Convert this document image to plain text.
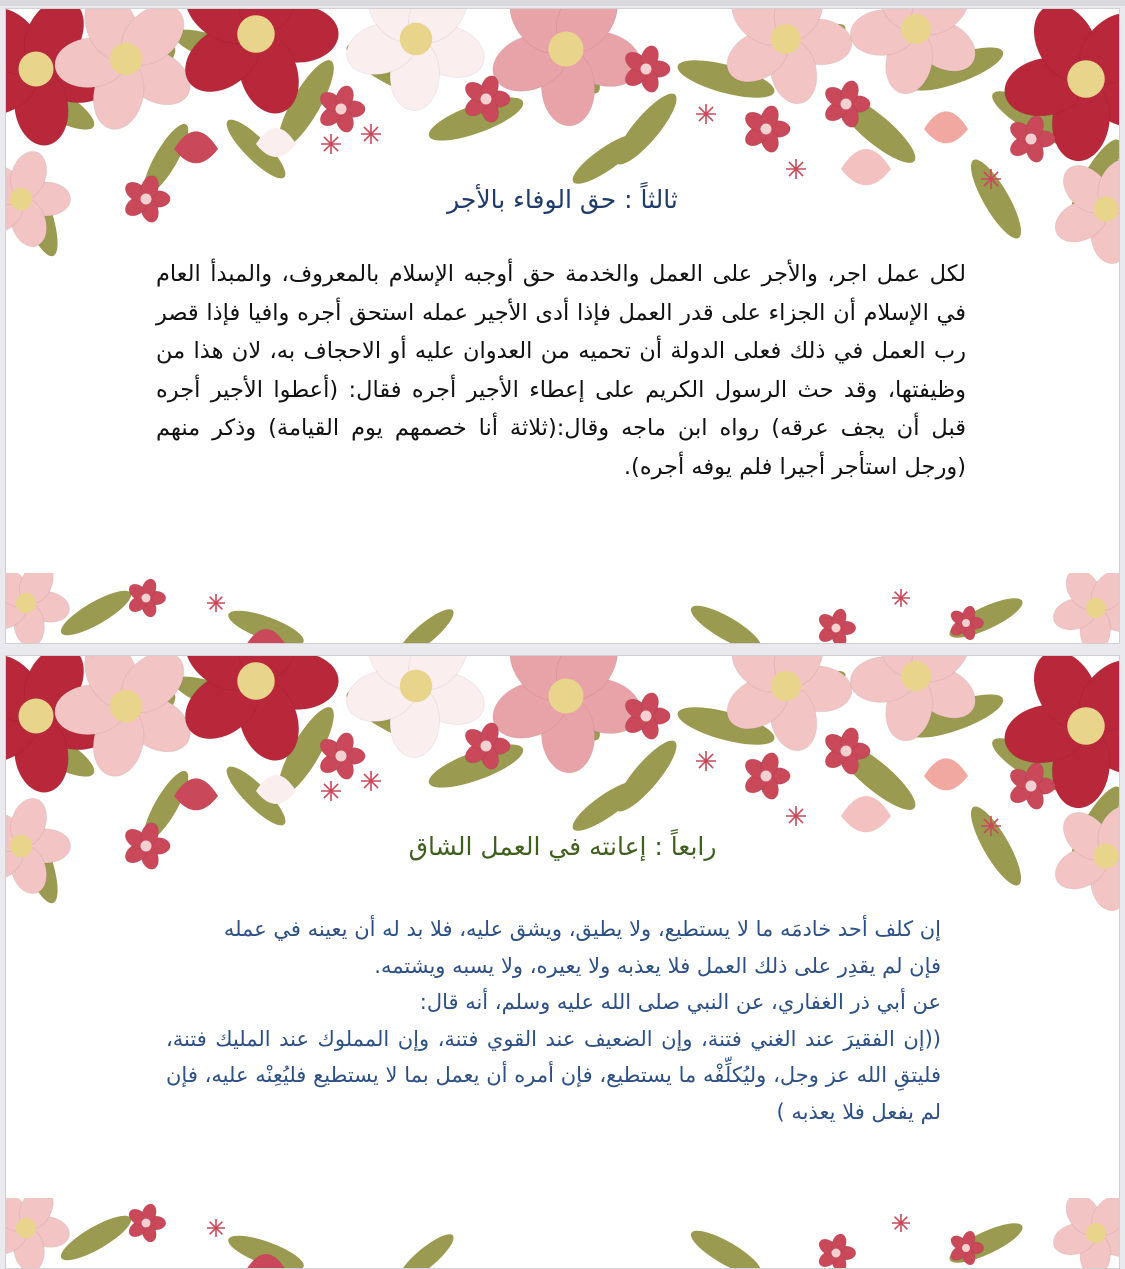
ثالثاً : حق الوفاء بالأجر
لكل عمل اجر، والأجر على العمل والخدمة حق أوجبه الإسلام بالمعروف، والمبدأ العام في الإسلام أن الجزاء على قدر العمل فإذا أدى الأجير عمله استحق أجره وافيا فإذا قصر رب العمل في ذلك فعلى الدولة أن تحميه من العدوان عليه أو الاحجاف به، لان هذا من وظيفتها، وقد حث الرسول الكريم على إعطاء الأجير أجره فقال: (أعطوا الأجير أجره قبل أن يجف عرقه) رواه ابن ماجه وقال:(ثلاثة أنا خصمهم يوم القيامة) وذكر منهم (ورجل استأجر أجيرا فلم يوفه أجره).
رابعاً : إعانته في العمل الشاق
إن كلف أحد خادمَه ما لا يستطيع، ولا يطيق، ويشق عليه، فلا بد له أن يعينه في عمله
فإن لم يقدِر على ذلك العمل فلا يعذبه ولا يعيره، ولا يسبه ويشتمه.
عن أبي ذر الغفاري، عن النبي صلى الله عليه وسلم، أنه قال:
((إن الفقيرَ عند الغني فتنة، وإن الضعيف عند القوي فتنة، وإن المملوك عند المليك فتنة، فليتقِ الله عز وجل، وليُكلِّفْه ما يستطيع، فإن أمره أن يعمل بما لا يستطيع فليُعِنْه عليه، فإن لم يفعل فلا يعذبه )
